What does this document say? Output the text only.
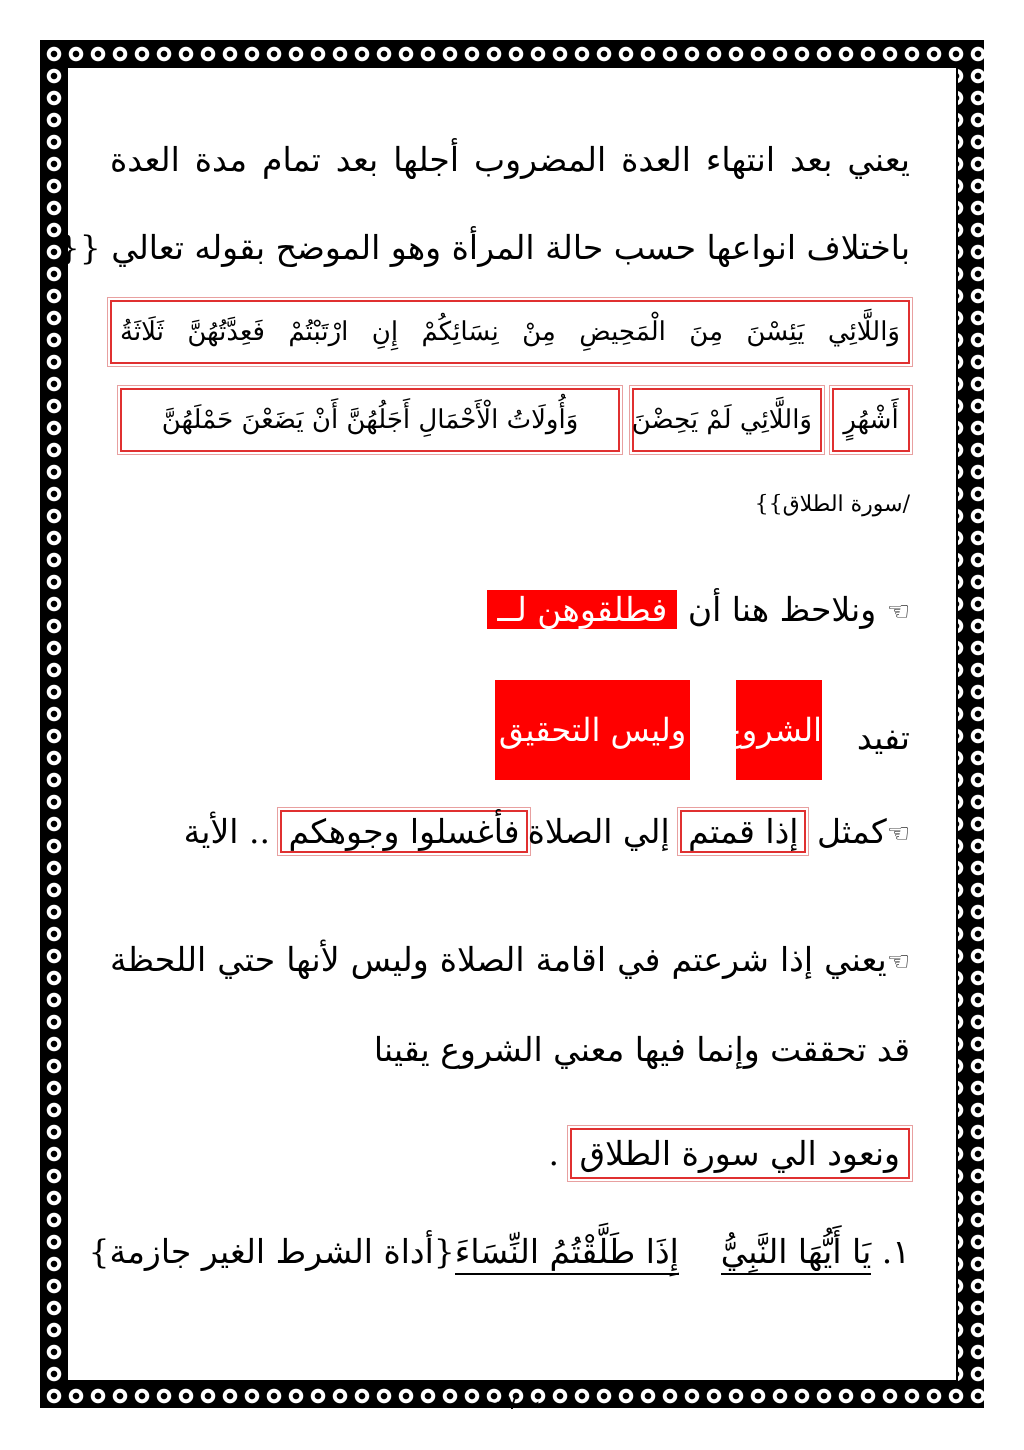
يعني بعد انتهاء العدة المضروب أجلها بعد تمام مدة العدة
باختلاف انواعها حسب حالة المرأة وهو الموضح بقوله تعالي {{
وَاللَّائِي يَئِسْنَ مِنَ الْمَحِيضِ مِنْ نِسَائِكُمْ إِنِ ارْتَبْتُمْ فَعِدَّتُهُنَّ ثَلَاثَةُ
أَشْهُرٍ
وَاللَّائِي لَمْ يَحِضْنَ
وَأُولَاتُ الْأَحْمَالِ أَجَلُهُنَّ أَنْ يَضَعْنَ حَمْلَهُنَّ
/سورة الطلاق}}
☜ ونلاحظ هنا أن فطلقوهن لــ
تفيد
الشروع
وليس التحقيق
☜كمثل إذا قمتم إلي الصلاةفأغسلوا وجوهكم .. الأية
☜يعني إذا شرعتم في اقامة الصلاة وليس لأنها حتي اللحظة
قد تحققت وإنما فيها معني الشروع يقينا
ونعود الي سورة الطلاق .
١. يَا أَيُّهَا النَّبِيُّ    إِذَا طَلَّقْتُمُ النِّسَاءَ{أداة الشرط الغير جازمة}
~ ٧ ~
